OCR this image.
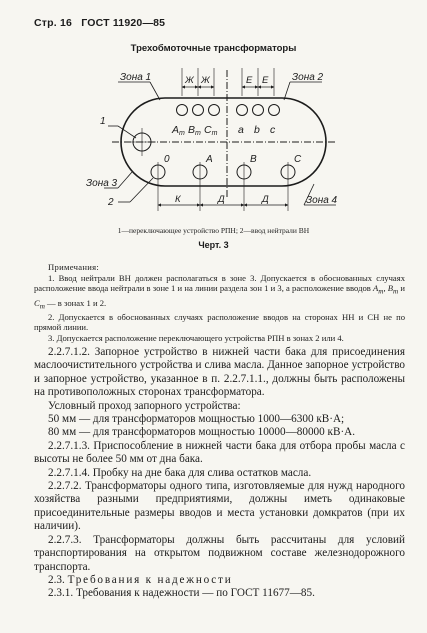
Стр. 16 ГОСТ 11920—85
Трехобмоточные трансформаторы
Зона 1	Зона 2
Зона 3
Зона 4
Ж Ж	Е Е
К	Д	Д
1
2
Am Bm Cm a b c
0	A	B	C
1—переключающее устройство РПН; 2—ввод нейтрали ВН
Черт. 3

Примечания:

1. Ввод нейтрали ВН должен располагаться в зоне 3. Допускается в обоснованных случаях расположение ввода нейтрали в зоне 1 и на линии раздела зон 1 и 3, а расположение вводов $A_m$, $B_m$ и $C_m$ — в зонах 1 и 2.

2. Допускается в обоснованных случаях расположение вводов на сторонах НН и СН не по прямой линии.

3. Допускается расположение переключающего устройства РПН в зонах 2 или 4.

2.2.7.1.2. Запорное устройство в нижней части бака для присоединения маслоочистительного устройства и слива масла. Данное запорное устройство и запорное устройство, указанное в п. 2.2.7.1.1., должны быть расположены на противоположных сторонах трансформатора.

Условный проход запорного устройства:

50 мм — для трансформаторов мощностью 1000—6300 кВ·А;

80 мм — для трансформаторов мощностью 10000—80000 кВ·А.

2.2.7.1.3. Приспособление в нижней части бака для отбора пробы масла с высоты не более 50 мм от дна бака.

2.2.7.1.4. Пробку на дне бака для слива остатков масла.

2.2.7.2. Трансформаторы одного типа, изготовляемые для нужд народного хозяйства разными предприятиями, должны иметь одинаковые присоединительные размеры вводов и места установки домкратов (при их наличии).

2.2.7.3. Трансформаторы должны быть рассчитаны для условий транспортирования на открытом подвижном составе железнодорожного транспорта.

2.3. Требования к надежности

2.3.1. Требования к надежности — по ГОСТ 11677—85.
